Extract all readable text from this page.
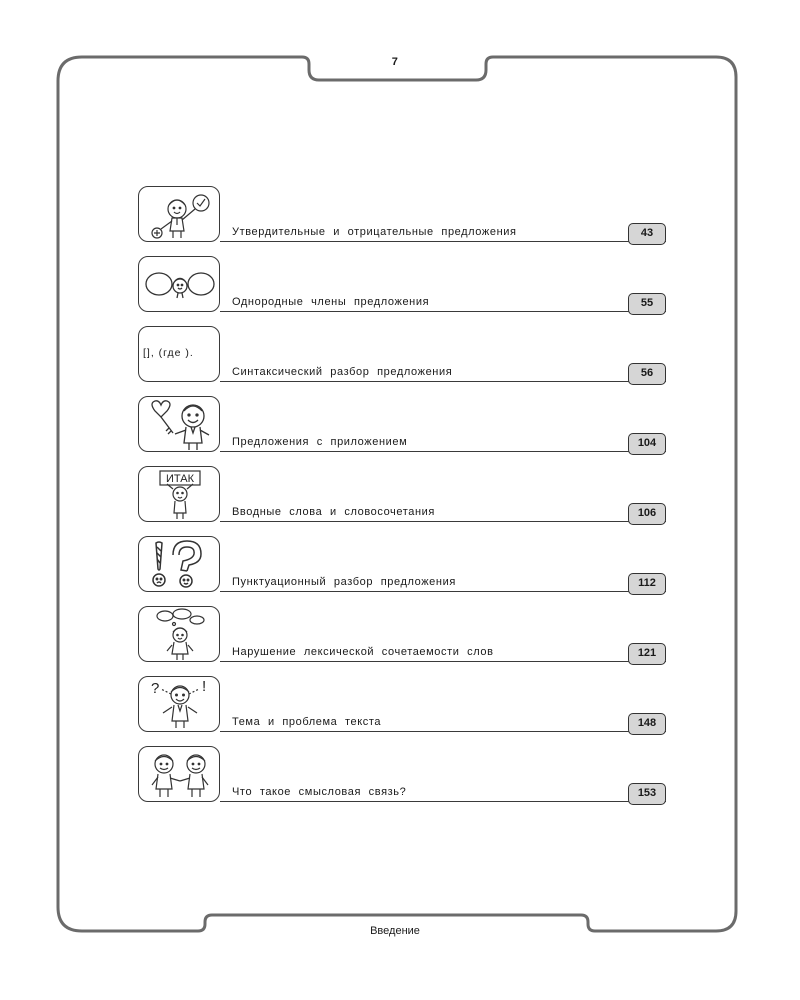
7
Утвердительные и отрицательные предложения	43
Однородные члены предложения	55
[], (где ).
Синтаксический разбор предложения	56
Предложения с приложением	104
ИТАК
Вводные слова и словосочетания	106
Пунктуационный разбор предложения	112
Нарушение лексической сочетаемости слов	121
?	!
Тема и проблема текста	148
Что такое смысловая связь?	153
Введение
